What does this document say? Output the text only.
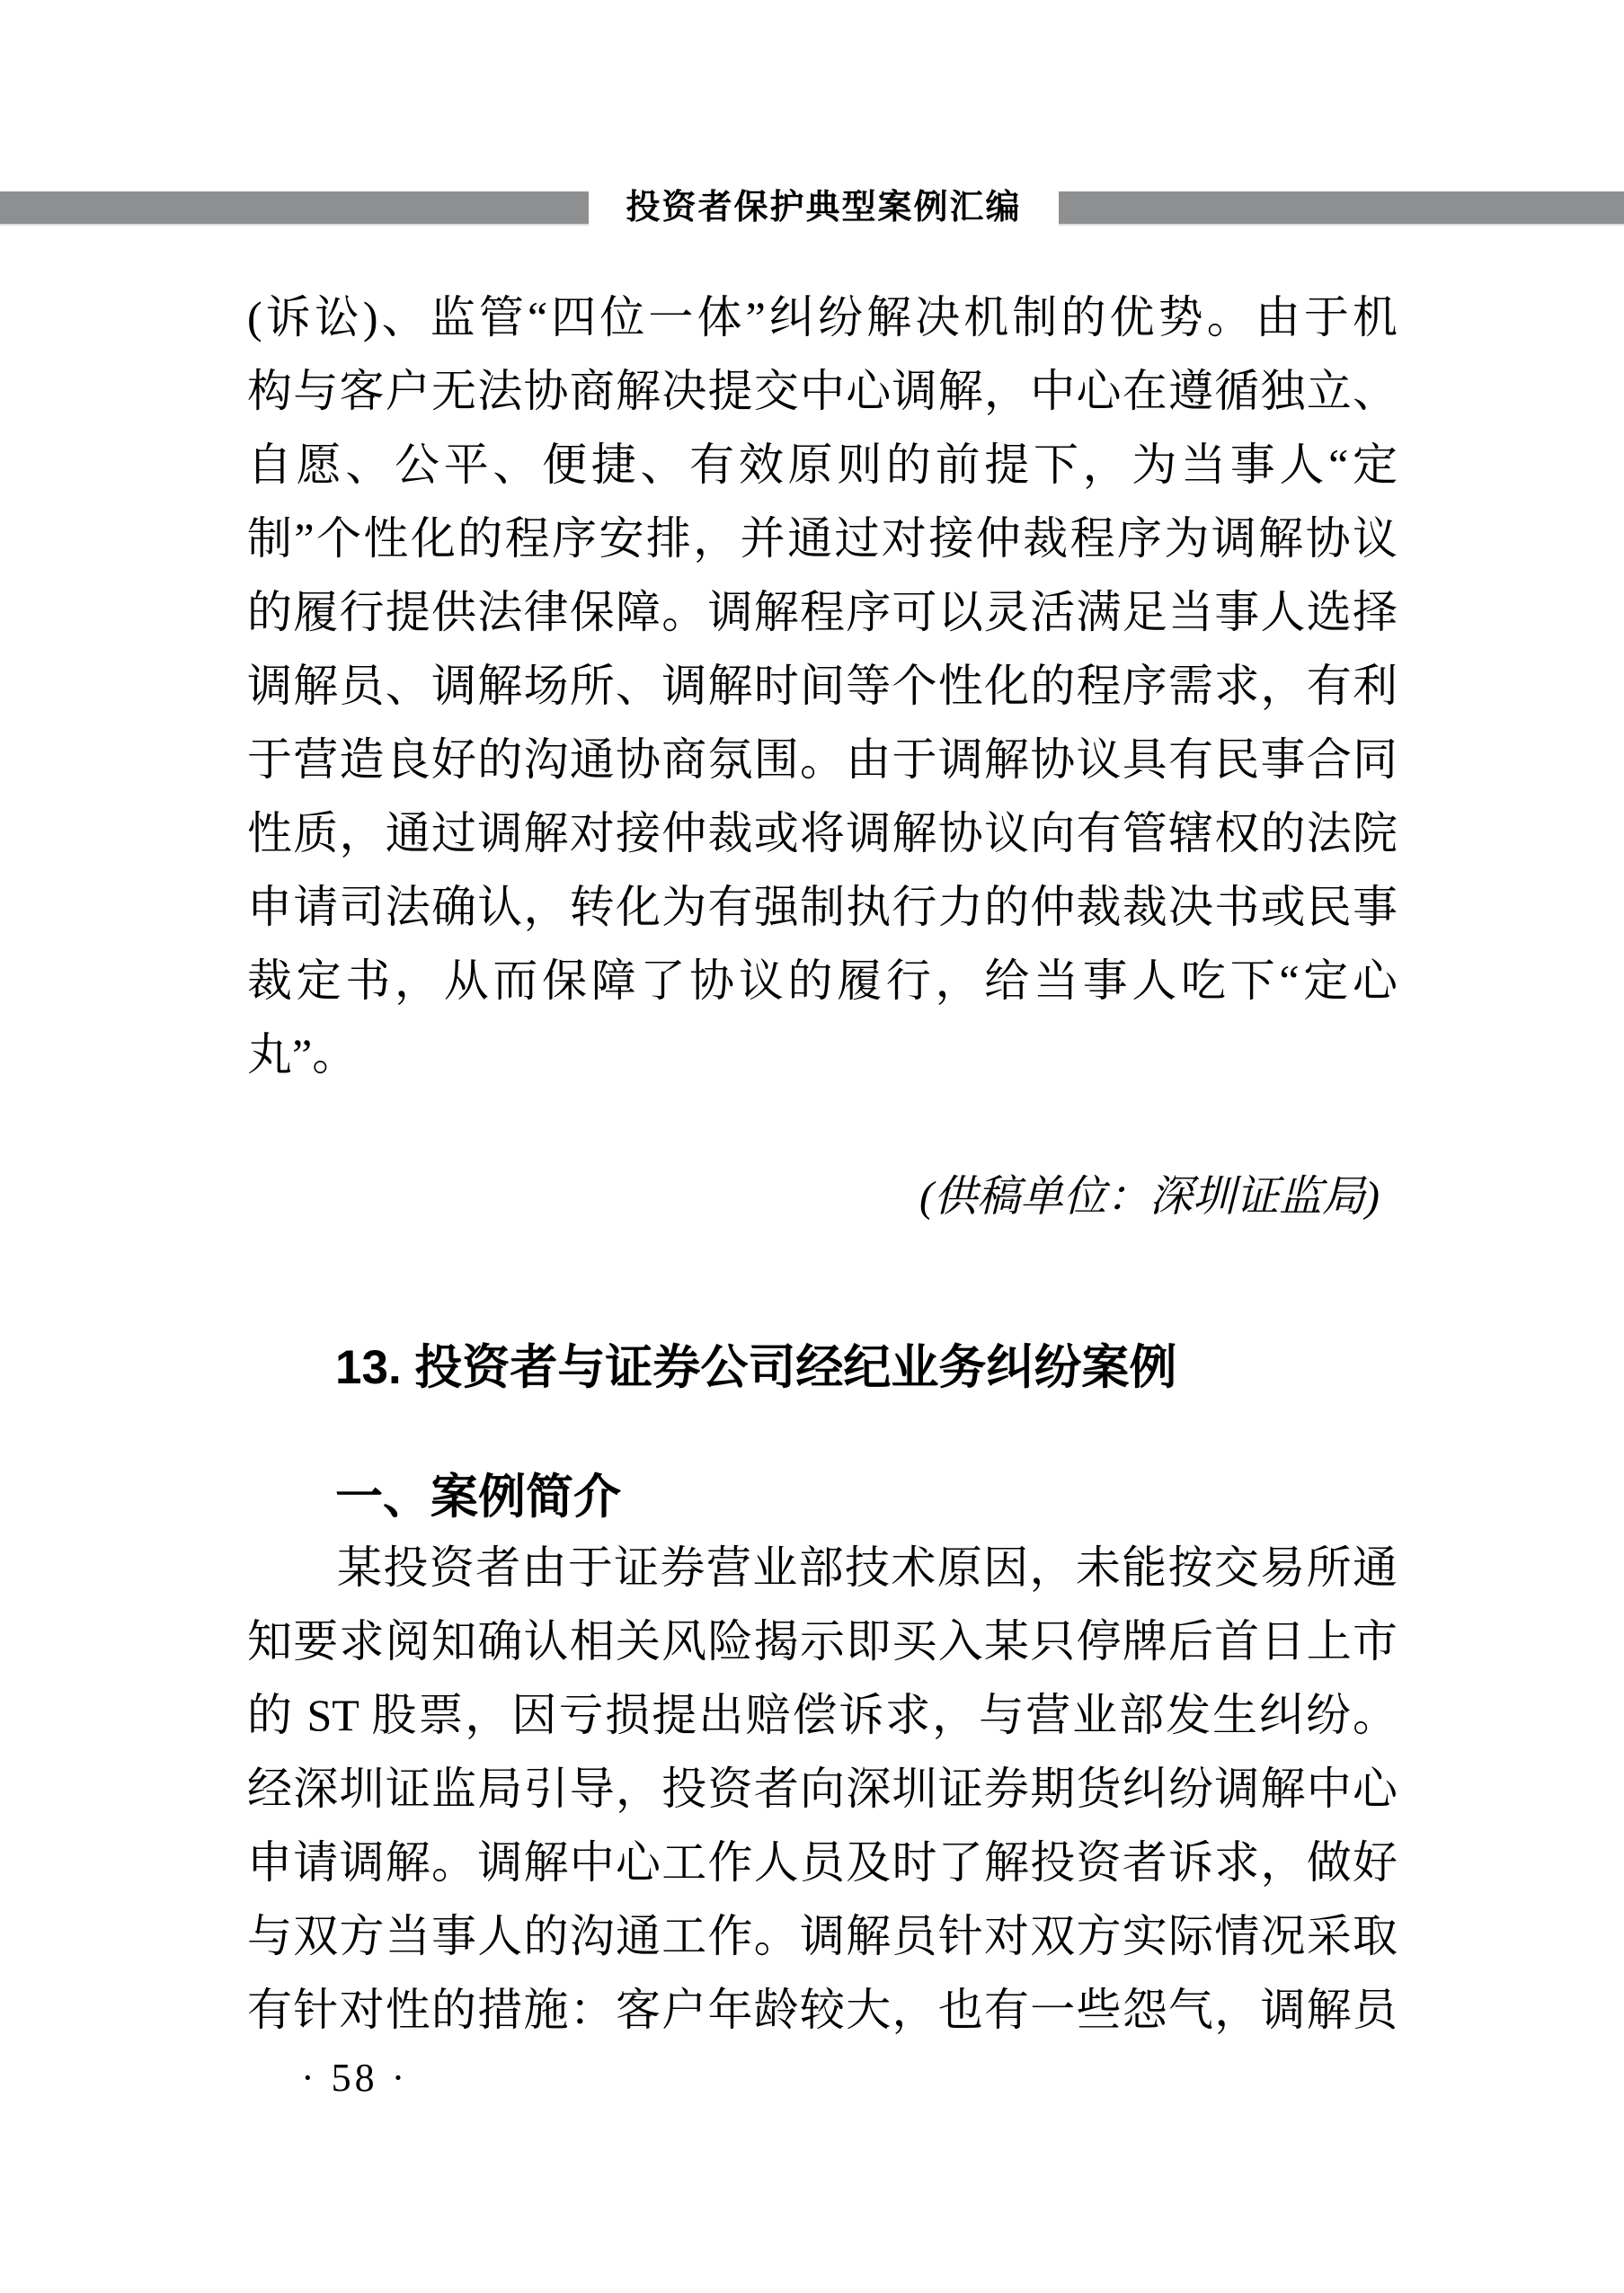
投资者保护典型案例汇编
(诉讼)、监管“四位一体”纠纷解决机制的优势。由于机
构与客户无法协商解决提交中心调解，中心在遵循独立、
自愿、公平、便捷、有效原则的前提下，为当事人“定
制”个性化的程序安排，并通过对接仲裁程序为调解协议
的履行提供法律保障。调解程序可以灵活满足当事人选择
调解员、调解场所、调解时间等个性化的程序需求，有利
于营造良好的沟通协商氛围。由于调解协议具有民事合同
性质，通过调解对接仲裁或将调解协议向有管辖权的法院
申请司法确认，转化为有强制执行力的仲裁裁决书或民事
裁定书，从而保障了协议的履行，给当事人吃下“定心
丸”。
(供稿单位：深圳证监局)
13. 投资者与证券公司经纪业务纠纷案例
一、案例简介
某投资者由于证券营业部技术原因，未能按交易所通
知要求阅知确认相关风险揭示即买入某只停牌后首日上市
的 ST 股票，因亏损提出赔偿诉求，与营业部发生纠纷。
经深圳证监局引导，投资者向深圳证券期货纠纷调解中心
申请调解。调解中心工作人员及时了解投资者诉求，做好
与双方当事人的沟通工作。调解员针对双方实际情况采取
有针对性的措施：客户年龄较大，也有一些怨气，调解员
· 58 ·
